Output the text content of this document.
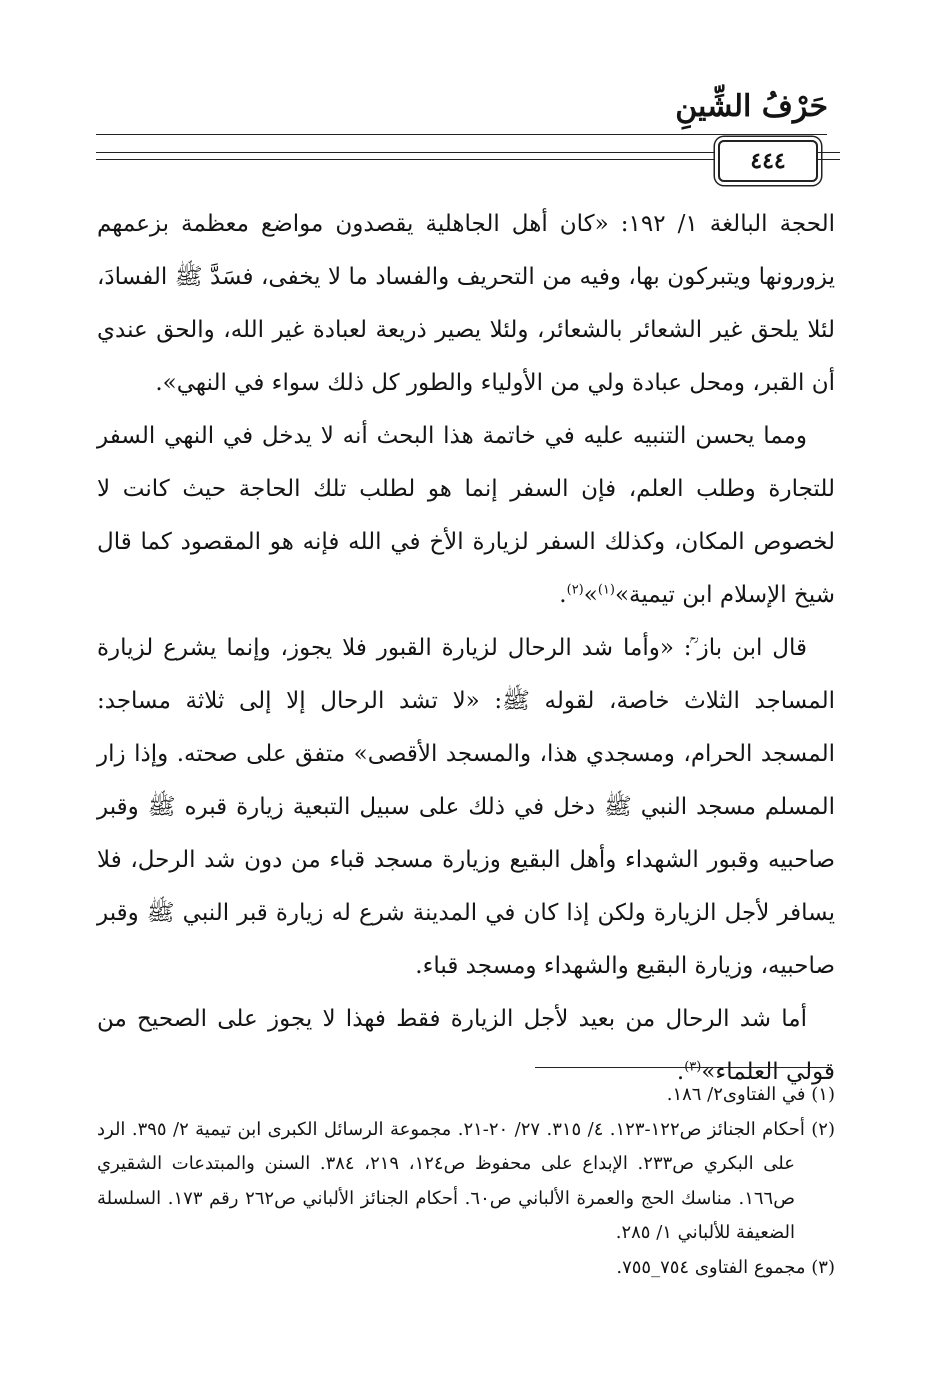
حَرْفُ الشِّينِ
٤٤٤

الحجة البالغة ١/ ١٩٢: «كان أهل الجاهلية يقصدون مواضع معظمة بزعمهم يزورونها ويتبركون بها، وفيه من التحريف والفساد ما لا يخفى، فسَدَّ ﷺ الفسادَ، لئلا يلحق غير الشعائر بالشعائر، ولئلا يصير ذريعة لعبادة غير الله، والحق عندي أن القبر، ومحل عبادة ولي من الأولياء والطور كل ذلك سواء في النهي».

ومما يحسن التنبيه عليه في خاتمة هذا البحث أنه لا يدخل في النهي السفر للتجارة وطلب العلم، فإن السفر إنما هو لطلب تلك الحاجة حيث كانت لا لخصوص المكان، وكذلك السفر لزيارة الأخ في الله فإنه هو المقصود كما قال شيخ الإسلام ابن تيمية»$^{(١)}$»$^{(٢)}$.

قال ابن باز ؒ: «وأما شد الرحال لزيارة القبور فلا يجوز، وإنما يشرع لزيارة المساجد الثلاث خاصة، لقوله ﷺ: «لا تشد الرحال إلا إلى ثلاثة مساجد: المسجد الحرام، ومسجدي هذا، والمسجد الأقصى» متفق على صحته. وإذا زار المسلم مسجد النبي ﷺ دخل في ذلك على سبيل التبعية زيارة قبره ﷺ وقبر صاحبيه وقبور الشهداء وأهل البقيع وزيارة مسجد قباء من دون شد الرحل، فلا يسافر لأجل الزيارة ولكن إذا كان في المدينة شرع له زيارة قبر النبي ﷺ وقبر صاحبيه، وزيارة البقيع والشهداء ومسجد قباء.

أما شد الرحال من بعيد لأجل الزيارة فقط فهذا لا يجوز على الصحيح من قولي العلماء»$^{(٣)}$.

(١) في الفتاوى٢/ ١٨٦.

(٢) أحكام الجنائز ص١٢٢-١٢٣. ٤/ ٣١٥. ٢٧/ ٢٠-٢١. مجموعة الرسائل الكبرى ابن تيمية ٢/ ٣٩٥. الرد على البكري ص٢٣٣. الإبداع على محفوظ ص١٢٤، ٢١٩، ٣٨٤. السنن والمبتدعات الشقيري ص١٦٦. مناسك الحج والعمرة الألباني ص٦٠. أحكام الجنائز الألباني ص٢٦٢ رقم ١٧٣. السلسلة الضعيفة للألباني ١/ ٢٨٥.

(٣) مجموع الفتاوى ٧٥٤_٧٥٥.
